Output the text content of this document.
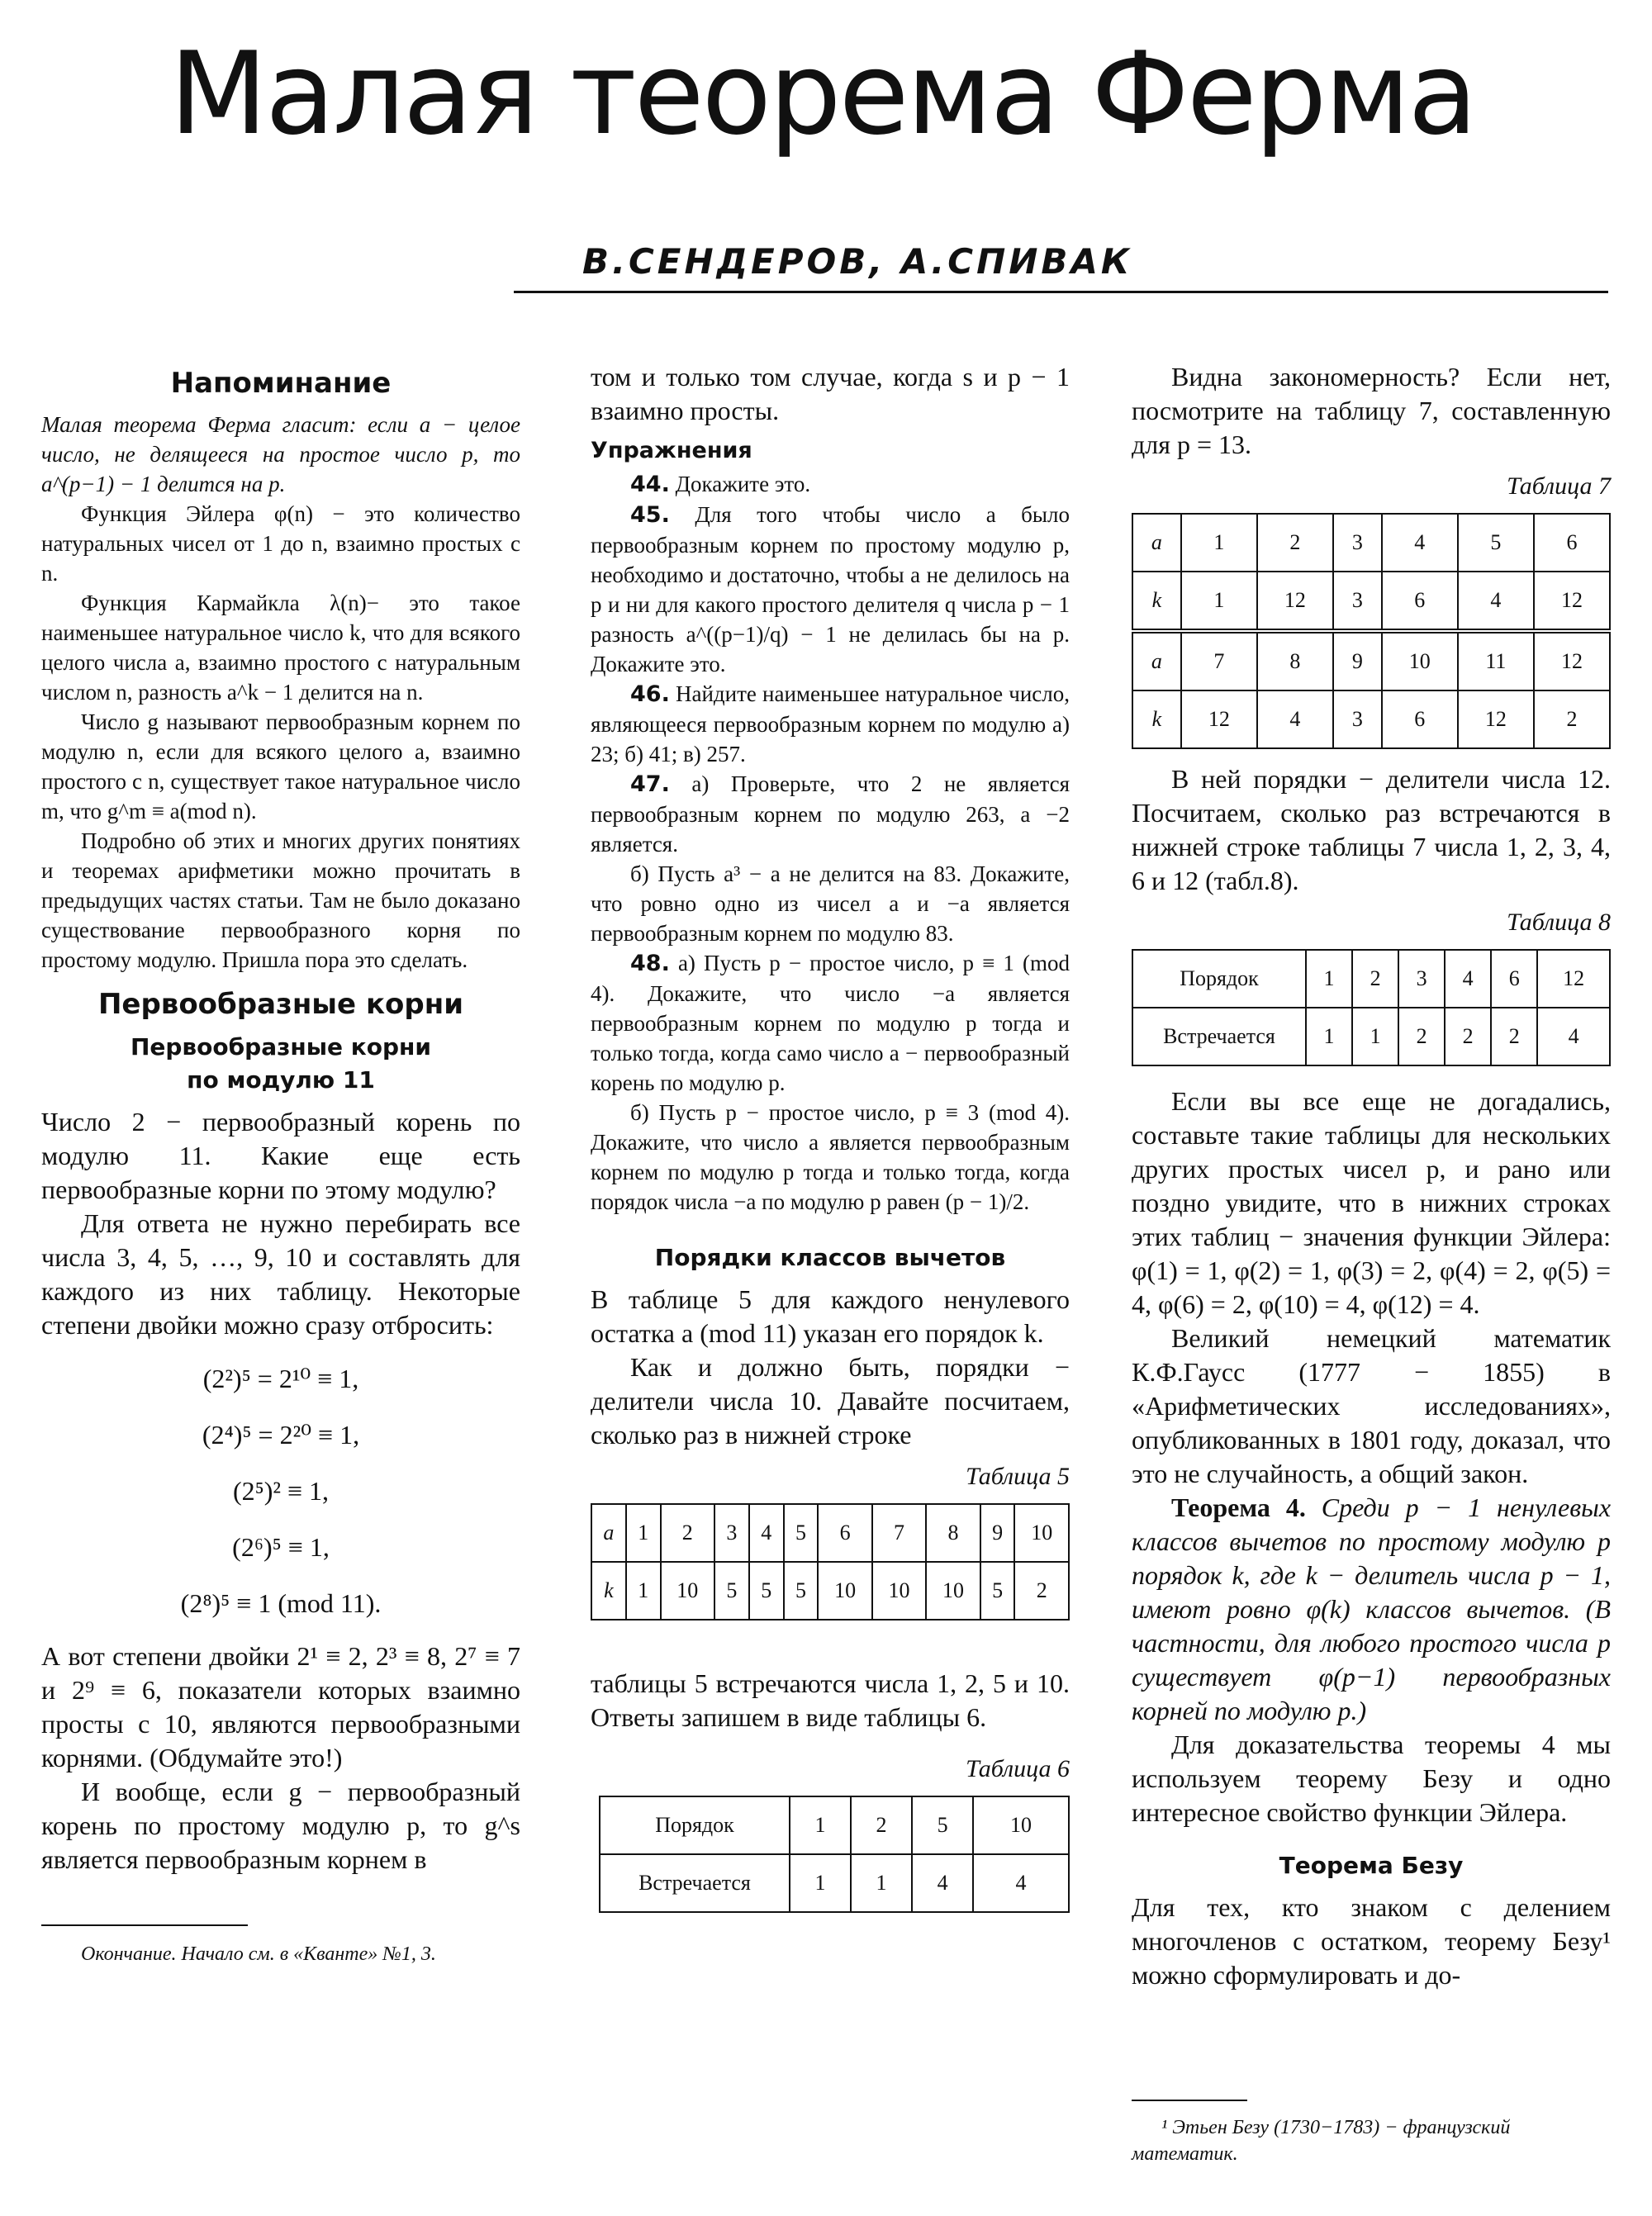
Малая теорема Ферма
В.СЕНДЕРОВ, А.СПИВАК
Напоминание

Малая теорема Ферма гласит: если a − целое число, не делящееся на простое число p, то a^(p−1) − 1 делится на p.

Функция Эйлера φ(n) − это количество натуральных чисел от 1 до n, взаимно простых с n.

Функция Кармайкла λ(n)− это такое наименьшее натуральное число k, что для всякого целого числа a, взаимно простого с натуральным числом n, разность a^k − 1 делится на n.

Число g называют первообразным корнем по модулю n, если для всякого целого a, взаимно простого с n, существует такое натуральное число m, что g^m ≡ a(mod n).

Подробно об этих и многих других понятиях и теоремах арифметики можно прочитать в предыдущих частях статьи. Там не было доказано существование первообразного корня по простому модулю. Пришла пора это сделать.

Первообразные корни
Первообразные корни
по модулю 11

Число 2 − первообразный корень по модулю 11. Какие еще есть первообразные корни по этому модулю?

Для ответа не нужно перебирать все числа 3, 4, 5, …, 9, 10 и составлять для каждого из них таблицу. Некоторые степени двойки можно сразу отбросить:

(2²)⁵ = 2¹⁰ ≡ 1,
(2⁴)⁵ = 2²⁰ ≡ 1,
(2⁵)² ≡ 1,
(2⁶)⁵ ≡ 1,
(2⁸)⁵ ≡ 1 (mod 11).

А вот степени двойки 2¹ ≡ 2, 2³ ≡ 8, 2⁷ ≡ 7 и 2⁹ ≡ 6, показатели которых взаимно просты с 10, являются первообразными корнями. (Обдумайте это!)

И вообще, если g − первообразный корень по простому модулю p, то g^s является первообразным корнем в

Окончание. Начало см. в «Кванте» №1, 3.

том и только том случае, когда s и p − 1 взаимно просты.

Упражнения

44. Докажите это.

45. Для того чтобы число a было первообразным корнем по простому модулю p, необходимо и достаточно, чтобы a не делилось на p и ни для какого простого делителя q числа p − 1 разность a^((p−1)/q) − 1 не делилась бы на p. Докажите это.

46. Найдите наименьшее натуральное число, являющееся первообразным корнем по модулю а) 23; б) 41; в) 257.

47. а) Проверьте, что 2 не является первообразным корнем по модулю 263, а −2 является.

б) Пусть a³ − a не делится на 83. Докажите, что ровно одно из чисел a и −a является первообразным корнем по модулю 83.

48. а) Пусть p − простое число, p ≡ 1 (mod 4). Докажите, что число −a является первообразным корнем по модулю p тогда и только тогда, когда само число a − первообразный корень по модулю p.

б) Пусть p − простое число, p ≡ 3 (mod 4). Докажите, что число a является первообразным корнем по модулю p тогда и только тогда, когда порядок числа −a по модулю p равен (p − 1)/2.

Порядки классов вычетов

В таблице 5 для каждого ненулевого остатка a (mod 11) указан его порядок k.

Как и должно быть, порядки − делители числа 10. Давайте посчитаем, сколько раз в нижней строке

Таблица 5
a	1	2	3	4	5	6	7	8	9	10
k	1	10	5	5	5	10	10	10	5	2

таблицы 5 встречаются числа 1, 2, 5 и 10. Ответы запишем в виде таблицы 6.

Таблица 6
Порядок	1	2	5	10
Встречается	1	1	4	4

Видна закономерность? Если нет, посмотрите на таблицу 7, составленную для p = 13.

Таблица 7
a	1	2	3	4	5	6
k	1	12	3	6	4	12
a	7	8	9	10	11	12
k	12	4	3	6	12	2

В ней порядки − делители числа 12. Посчитаем, сколько раз встречаются в нижней строке таблицы 7 числа 1, 2, 3, 4, 6 и 12 (табл.8).

Таблица 8
Порядок	1	2	3	4	6	12
Встречается	1	1	2	2	2	4

Если вы все еще не догадались, составьте такие таблицы для нескольких других простых чисел p, и рано или поздно увидите, что в нижних строках этих таблиц − значения функции Эйлера: φ(1) = 1, φ(2) = 1, φ(3) = 2, φ(4) = 2, φ(5) = 4, φ(6) = 2, φ(10) = 4, φ(12) = 4.

Великий немецкий математик К.Ф.Гаусс (1777 − 1855) в «Арифметических исследованиях», опубликованных в 1801 году, доказал, что это не случайность, а общий закон.

Теорема 4. Среди p − 1 ненулевых классов вычетов по простому модулю p порядок k, где k − делитель числа p − 1, имеют ровно φ(k) классов вычетов. (В частности, для любого простого числа p существует φ(p−1) первообразных корней по модулю p.)

Для доказательства теоремы 4 мы используем теорему Безу и одно интересное свойство функции Эйлера.

Теорема Безу

Для тех, кто знаком с делением многочленов с остатком, теорему Безу¹ можно сформулировать и до-

¹ Этьен Безу (1730−1783) − французский математик.
